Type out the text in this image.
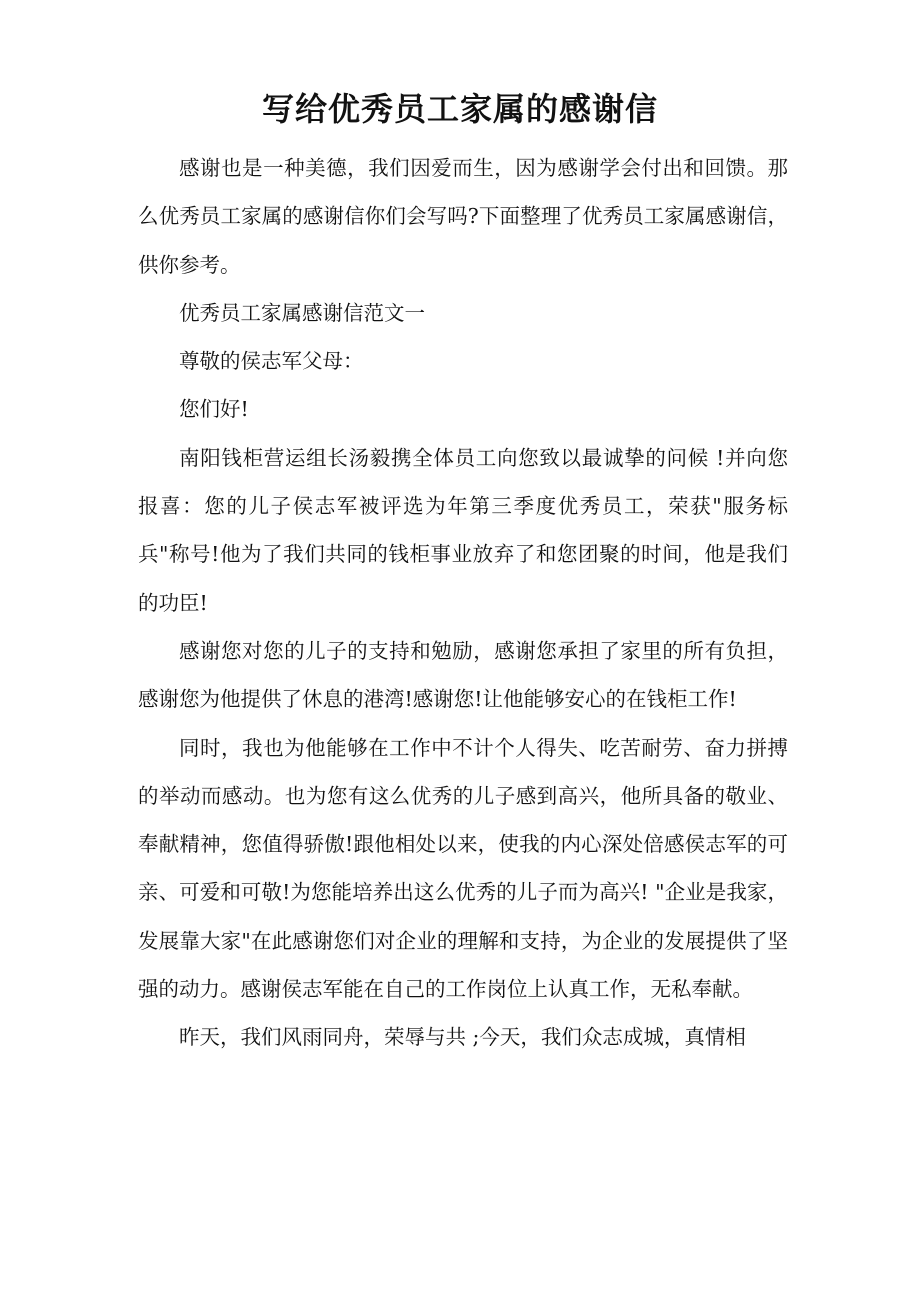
写给优秀员工家属的感谢信

感谢也是一种美德，我们因爱而生，因为感谢学会付出和回馈。那么优秀员工家属的感谢信你们会写吗?下面整理了优秀员工家属感谢信，供你参考。

优秀员工家属感谢信范文一

尊敬的侯志军父母：

您们好!

南阳钱柜营运组长汤毅携全体员工向您致以最诚挚的问候 !并向您报喜：您的儿子侯志军被评选为年第三季度优秀员工，荣获"服务标兵"称号!他为了我们共同的钱柜事业放弃了和您团聚的时间，他是我们的功臣!

感谢您对您的儿子的支持和勉励，感谢您承担了家里的所有负担，感谢您为他提供了休息的港湾!感谢您!让他能够安心的在钱柜工作!

同时，我也为他能够在工作中不计个人得失、吃苦耐劳、奋力拼搏的举动而感动。也为您有这么优秀的儿子感到高兴，他所具备的敬业、奉献精神，您值得骄傲!跟他相处以来，使我的内心深处倍感侯志军的可亲、可爱和可敬!为您能培养出这么优秀的儿子而为高兴! "企业是我家，发展靠大家"在此感谢您们对企业的理解和支持，为企业的发展提供了坚强的动力。感谢侯志军能在自己的工作岗位上认真工作，无私奉献。

昨天，我们风雨同舟，荣辱与共 ;今天，我们众志成城，真情相
